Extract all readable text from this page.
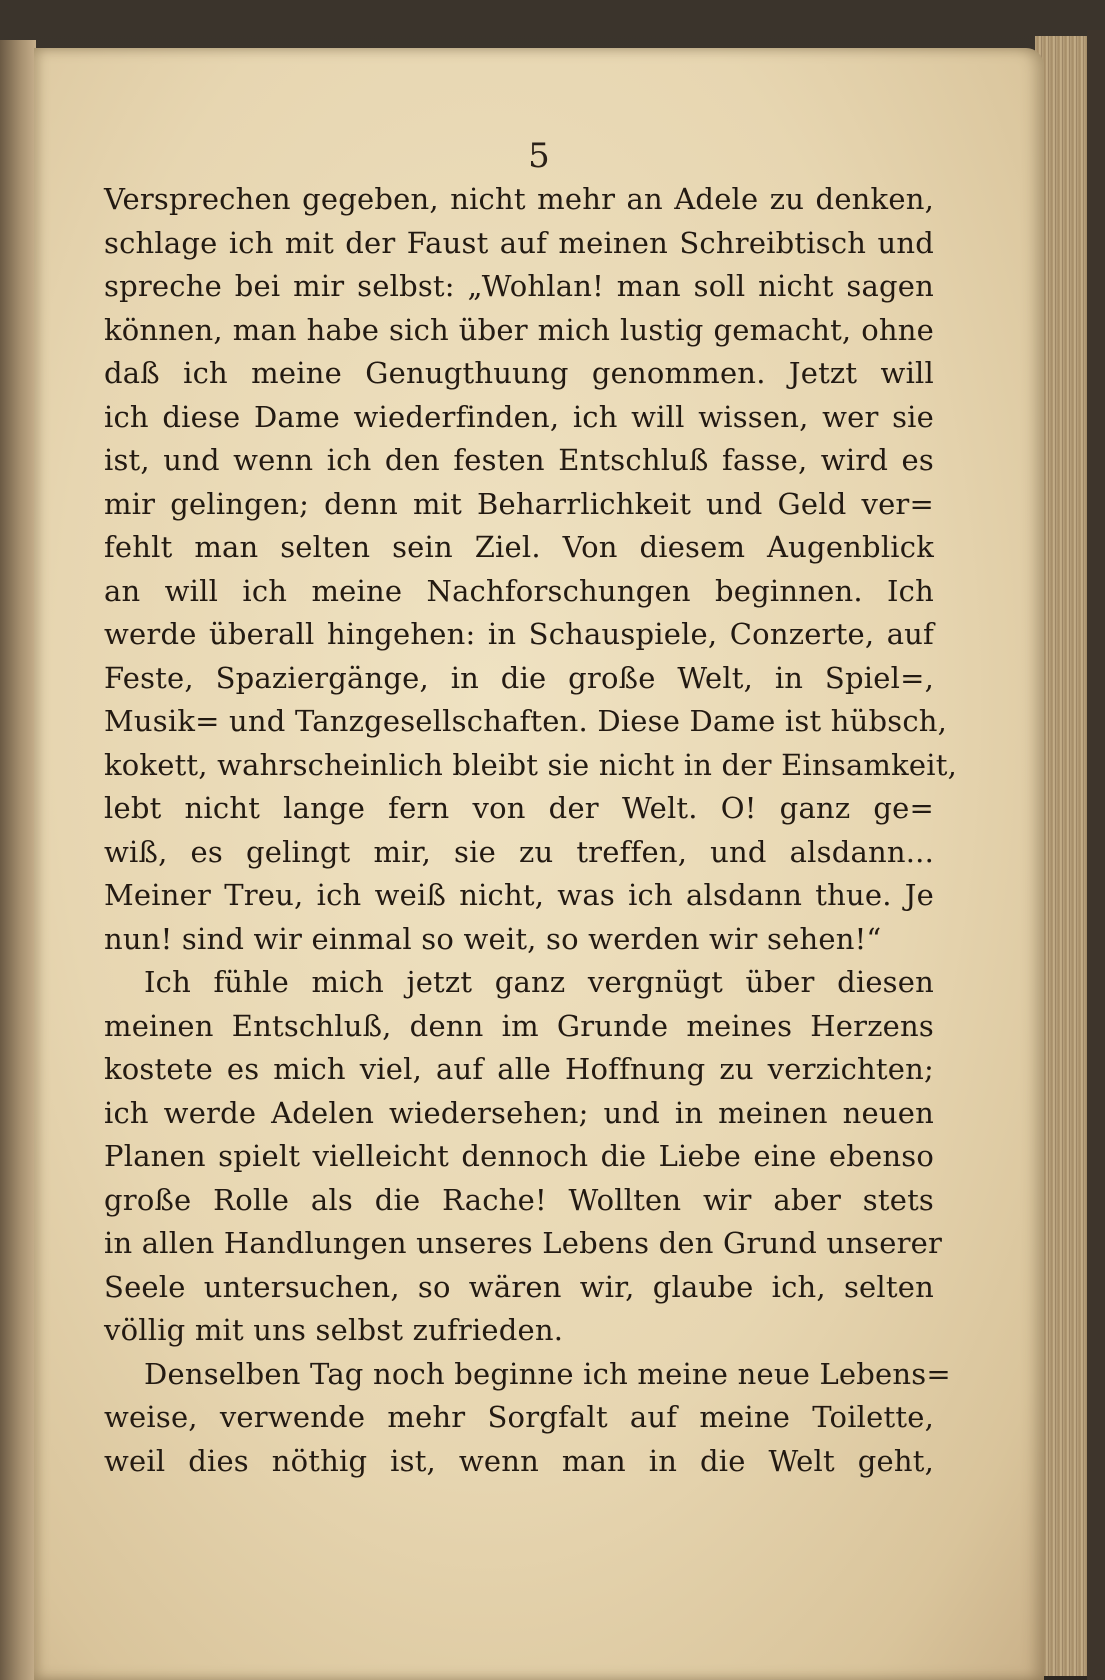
5
Versprechen gegeben, nicht mehr an Adele zu denken,
schlage ich mit der Faust auf meinen Schreibtisch und
spreche bei mir selbst: „Wohlan! man soll nicht sagen
können, man habe sich über mich lustig gemacht, ohne
daß ich meine Genugthuung genommen. Jetzt will
ich diese Dame wiederfinden, ich will wissen, wer sie
ist, und wenn ich den festen Entschluß fasse, wird es
mir gelingen; denn mit Beharrlichkeit und Geld ver=
fehlt man selten sein Ziel. Von diesem Augenblick
an will ich meine Nachforschungen beginnen. Ich
werde überall hingehen: in Schauspiele, Conzerte, auf
Feste, Spaziergänge, in die große Welt, in Spiel=,
Musik= und Tanzgesellschaften. Diese Dame ist hübsch,
kokett, wahrscheinlich bleibt sie nicht in der Einsamkeit,
lebt nicht lange fern von der Welt. O! ganz ge=
wiß, es gelingt mir, sie zu treffen, und alsdann...
Meiner Treu, ich weiß nicht, was ich alsdann thue. Je
nun! sind wir einmal so weit, so werden wir sehen!“
Ich fühle mich jetzt ganz vergnügt über diesen
meinen Entschluß, denn im Grunde meines Herzens
kostete es mich viel, auf alle Hoffnung zu verzichten;
ich werde Adelen wiedersehen; und in meinen neuen
Planen spielt vielleicht dennoch die Liebe eine ebenso
große Rolle als die Rache! Wollten wir aber stets
in allen Handlungen unseres Lebens den Grund unserer
Seele untersuchen, so wären wir, glaube ich, selten
völlig mit uns selbst zufrieden.
Denselben Tag noch beginne ich meine neue Lebens=
weise, verwende mehr Sorgfalt auf meine Toilette,
weil dies nöthig ist, wenn man in die Welt geht,
